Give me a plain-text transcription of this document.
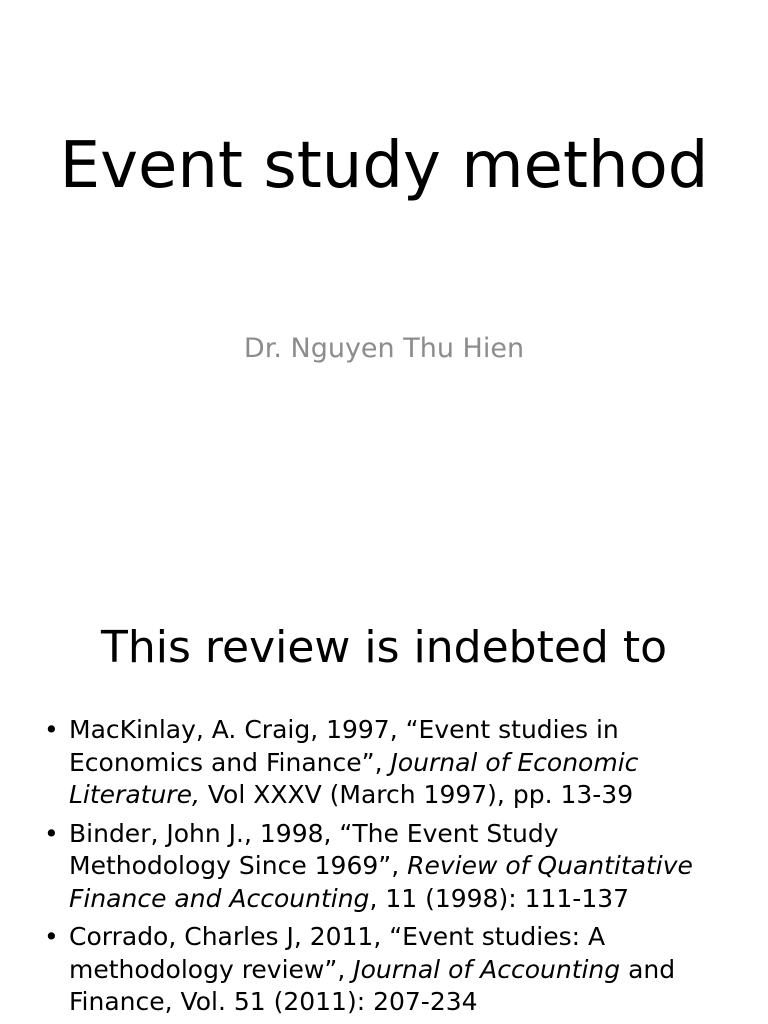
Event study method

Dr. Nguyen Thu Hien

This review is indebted to
• MacKinlay, A. Craig, 1997, “Event studies in Economics and Finance”, Journal of Economic Literature, Vol XXXV (March 1997), pp. 13-39
• Binder, John J., 1998, “The Event Study Methodology Since 1969”, Review of Quantitative Finance and Accounting, 11 (1998): 111-137
• Corrado, Charles J, 2011, “Event studies: A methodology review”, Journal of Accounting and Finance, Vol. 51 (2011): 207-234
